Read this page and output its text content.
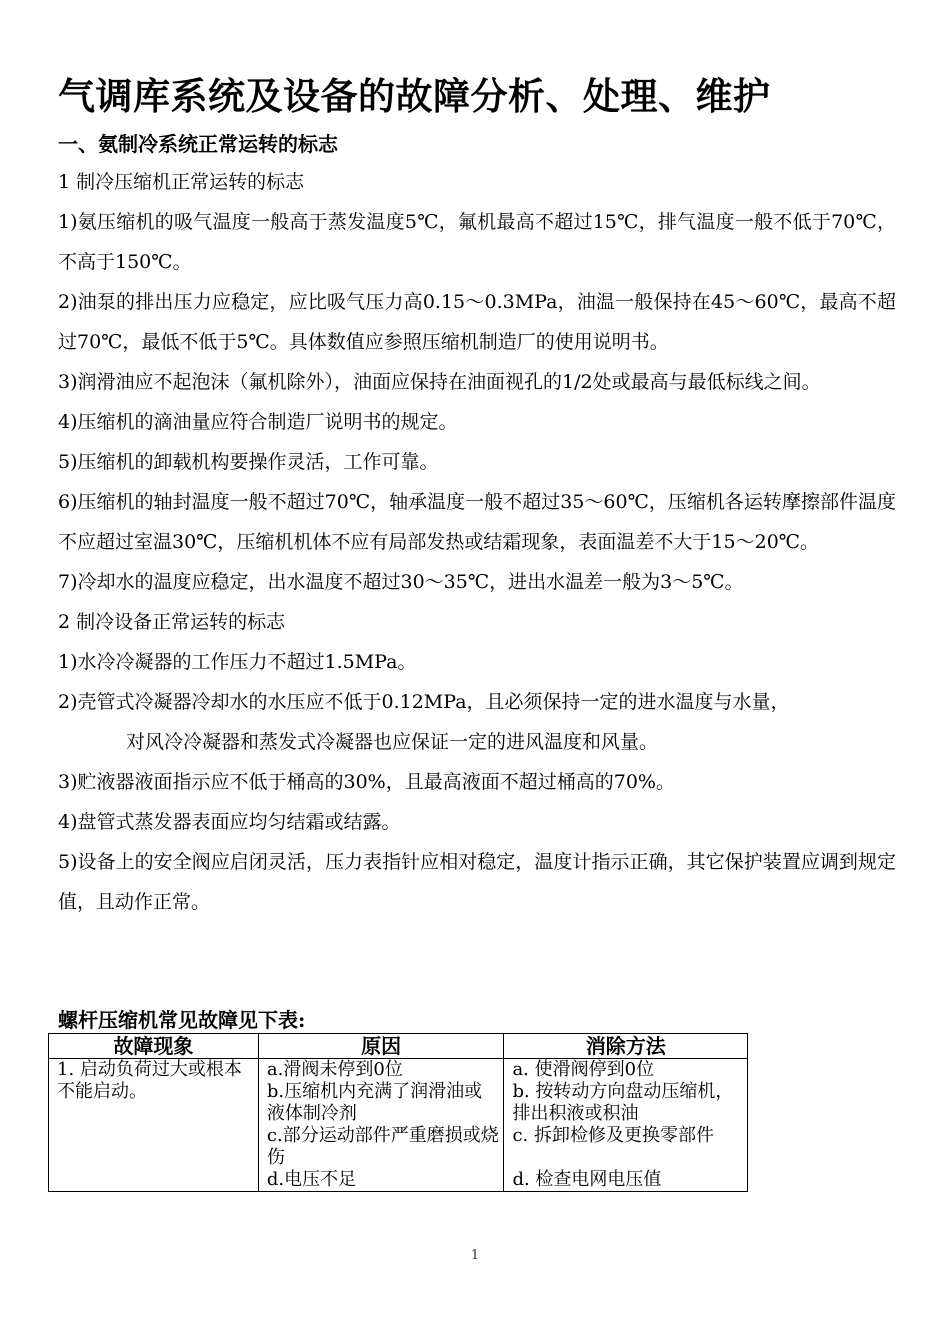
气调库系统及设备的故障分析、处理、维护
一、氨制冷系统正常运转的标志

1 制冷压缩机正常运转的标志

1)氨压缩机的吸气温度一般高于蒸发温度5℃，氟机最高不超过15℃，排气温度一般不低于70℃，不高于150℃。

2)油泵的排出压力应稳定，应比吸气压力高0.15～0.3MPa，油温一般保持在45～60℃，最高不超过70℃，最低不低于5℃。具体数值应参照压缩机制造厂的使用说明书。

3)润滑油应不起泡沫（氟机除外），油面应保持在油面视孔的1/2处或最高与最低标线之间。

4)压缩机的滴油量应符合制造厂说明书的规定。

5)压缩机的卸载机构要操作灵活，工作可靠。

6)压缩机的轴封温度一般不超过70℃，轴承温度一般不超过35～60℃，压缩机各运转摩擦部件温度不应超过室温30℃，压缩机机体不应有局部发热或结霜现象，表面温差不大于15～20℃。

7)冷却水的温度应稳定，出水温度不超过30～35℃，进出水温差一般为3～5℃。

2 制冷设备正常运转的标志

1)水冷冷凝器的工作压力不超过1.5MPa。

2)壳管式冷凝器冷却水的水压应不低于0.12MPa，且必须保持一定的进水温度与水量，

对风冷冷凝器和蒸发式冷凝器也应保证一定的进风温度和风量。

3)贮液器液面指示应不低于桶高的30%，且最高液面不超过桶高的70%。

4)盘管式蒸发器表面应均匀结霜或结露。

5)设备上的安全阀应启闭灵活，压力表指针应相对稳定，温度计指示正确，其它保护装置应调到规定值，且动作正常。

螺杆压缩机常见故障见下表:
故障现象	原因	消除方法
1. 启动负荷过大或根本不能启动。	a.滑阀未停到0位
b.压缩机内充满了润滑油或液体制冷剂
c.部分运动部件严重磨损或烧伤
d.电压不足	a. 使滑阀停到0位
b. 按转动方向盘动压缩机，排出积液或积油
c. 拆卸检修及更换零部件
d. 检查电网电压值
1
